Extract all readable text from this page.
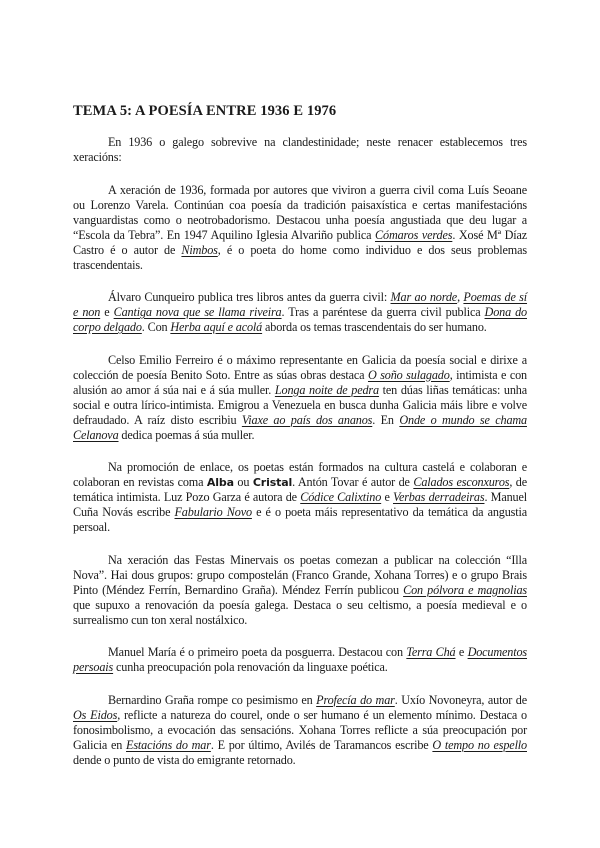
TEMA 5: A POESÍA ENTRE 1936 E 1976

En 1936 o galego sobrevive na clandestinidade; neste renacer establecemos tres xeracións:

A xeración de 1936, formada por autores que viviron a guerra civil coma Luís Seoane ou Lorenzo Varela. Continúan coa poesía da tradición paisaxística e certas manifestacións vanguardistas como o neotrobadorismo. Destacou unha poesía angustiada que deu lugar a “Escola da Tebra”. En 1947 Aquilino Iglesia Alvariño publica Cómaros verdes. Xosé Mª Díaz Castro é o autor de Nimbos, é o poeta do home como individuo e dos seus problemas trascendentais.

Álvaro Cunqueiro publica tres libros antes da guerra civil: Mar ao norde, Poemas de sí e non e Cantiga nova que se llama riveira. Tras a paréntese da guerra civil publica Dona do corpo delgado. Con Herba aquí e acolá aborda os temas trascendentais do ser humano.

Celso Emilio Ferreiro é o máximo representante en Galicia da poesía social e dirixe a colección de poesía Benito Soto. Entre as súas obras destaca O soño sulagado, intimista e con alusión ao amor á súa nai e á súa muller. Longa noite de pedra ten dúas liñas temáticas: unha social e outra lírico-intimista. Emigrou a Venezuela en busca dunha Galicia máis libre e volve defraudado. A raíz disto escribiu Viaxe ao país dos ananos. En Onde o mundo se chama Celanova dedica poemas á súa muller.

Na promoción de enlace, os poetas están formados na cultura castelá e colaboran e colaboran en revistas coma Alba ou Cristal. Antón Tovar é autor de Calados esconxuros, de temática intimista. Luz Pozo Garza é autora de Códice Calixtino e Verbas derradeiras. Manuel Cuña Novás escribe Fabulario Novo e é o poeta máis representativo da temática da angustia persoal.

Na xeración das Festas Minervais os poetas comezan a publicar na colección “Illa Nova”. Hai dous grupos: grupo compostelán (Franco Grande, Xohana Torres) e o grupo Brais Pinto (Méndez Ferrín, Bernardino Graña). Méndez Ferrín publicou Con pólvora e magnolias que supuxo a renovación da poesía galega. Destaca o seu celtismo, a poesía medieval e o surrealismo cun ton xeral nostálxico.

Manuel María é o primeiro poeta da posguerra. Destacou con Terra Chá e Documentos persoais cunha preocupación pola renovación da linguaxe poética.

Bernardino Graña rompe co pesimismo en Profecía do mar. Uxío Novoneyra, autor de Os Eidos, reflicte a natureza do courel, onde o ser humano é un elemento mínimo. Destaca o fonosimbolismo, a evocación das sensacións. Xohana Torres reflicte a súa preocupación por Galicia en Estacións do mar. E por último, Avilés de Taramancos escribe O tempo no espello dende o punto de vista do emigrante retornado.
